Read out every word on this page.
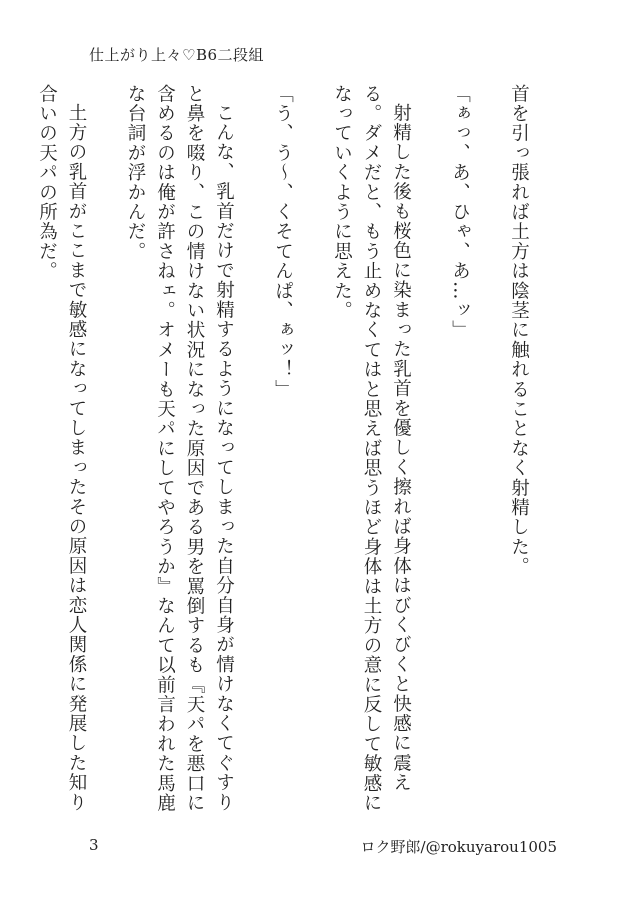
仕上がり上々♡B6二段組

首を引っ張れば土方は陰茎に触れることなく射精した。

「ぁっ、あ、ひゃ、あ…ッ」

射精した後も桜色に染まった乳首を優しく擦れば身体はびくびくと快感に震える。ダメだと、もう止めなくてはと思えば思うほど身体は土方の意に反して敏感になっていくように思えた。

「う、う～、くそてんぱ、ぁッ！」

こんな、乳首だけで射精するようになってしまった自分自身が情けなくてぐすりと鼻を啜り、この情けない状況になった原因である男を罵倒するも『天パを悪口に含めるのは俺が許さねェ。オメーも天パにしてやろうか』なんて以前言われた馬鹿な台詞が浮かんだ。

土方の乳首がここまで敏感になってしまったその原因は恋人関係に発展した知り合いの天パの所為だ。

3	ロク野郎/@rokuyarou1005
